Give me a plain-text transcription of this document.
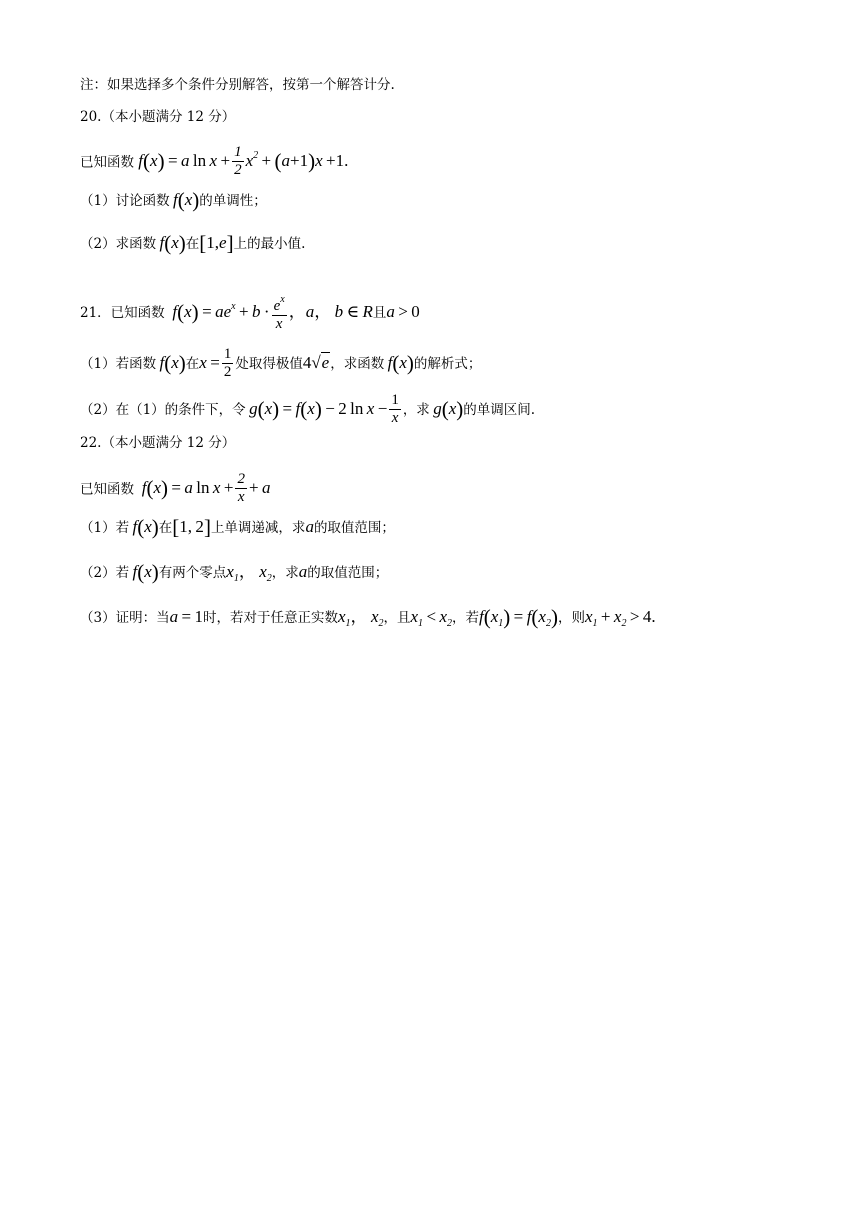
注：如果选择多个条件分别解答，按第一个解答计分.
20.（本小题满分 12 分）
已知函数 f(x) = a $\ln x + \frac{1}{2} x^2 + (a+1)x +1$.
（1）讨论函数 f(x)的单调性；
（2）求函数 f(x)在[1,e]上的最小值.
21．已知函数  $f(x) = ae^x + b \cdot \frac{e^x}{x}$ ，a， b ∈ R且a > 0
（1）若函数 f(x)在$x = \frac{1}{2}$ 处取得极值4√e，求函数 f(x)的解析式；
（2）在（1）的条件下，令 g(x) = f(x) − 2 $\ln x - \frac{1}{x}$ ，求 g(x)的单调区间.
22.（本小题满分 12 分）
已知函数  f(x) = a $\ln x + \frac{2}{x} + a$
（1）若 f(x)在[1, 2]上单调递减，求a的取值范围；
（2）若 f(x)有两个零点$x_1$， $x_2$，求a的取值范围；
（3）证明：当a = 1时，若对于任意正实数$x_1$， $x_2$，且$x_1 < x_2$，若$f(x_1) = f(x_2)$，则$x_1 + x_2 > 4$.
